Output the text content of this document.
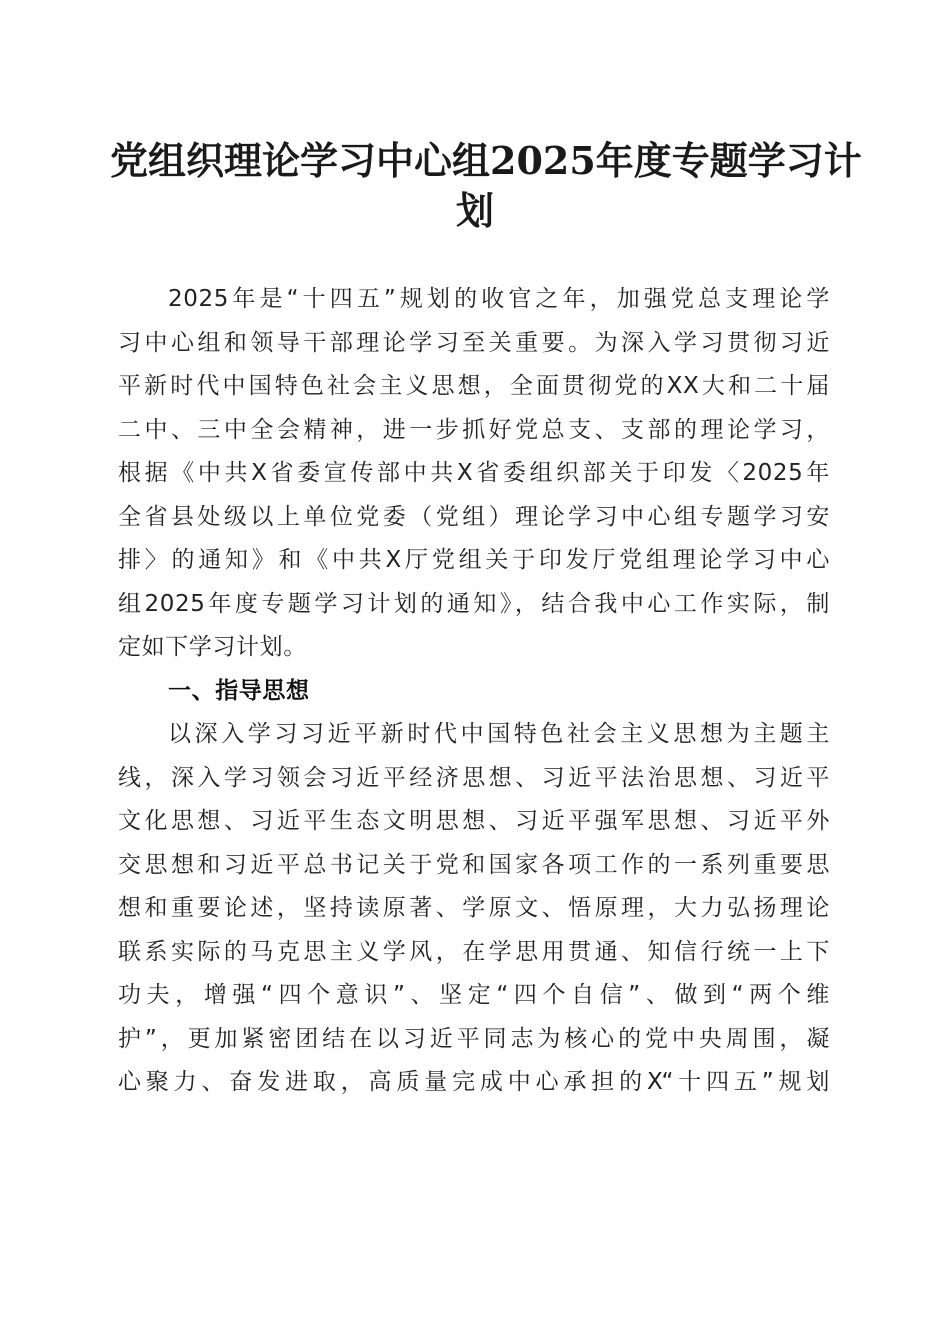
党组织理论学习中心组2025年度专题学习计
划
2025年是“十四五”规划的收官之年，加强党总支理论学
习中心组和领导干部理论学习至关重要。为深入学习贯彻习近
平新时代中国特色社会主义思想，全面贯彻党的XX大和二十届
二中、三中全会精神，进一步抓好党总支、支部的理论学习，
根据《中共X省委宣传部中共X省委组织部关于印发〈2025年
全省县处级以上单位党委（党组）理论学习中心组专题学习安
排〉的通知》和《中共X厅党组关于印发厅党组理论学习中心
组2025年度专题学习计划的通知》，结合我中心工作实际，制
定如下学习计划。
一、指导思想
以深入学习习近平新时代中国特色社会主义思想为主题主
线，深入学习领会习近平经济思想、习近平法治思想、习近平
文化思想、习近平生态文明思想、习近平强军思想、习近平外
交思想和习近平总书记关于党和国家各项工作的一系列重要思
想和重要论述，坚持读原著、学原文、悟原理，大力弘扬理论
联系实际的马克思主义学风，在学思用贯通、知信行统一上下
功夫，增强“四个意识”、坚定“四个自信”、做到“两个维
护”，更加紧密团结在以习近平同志为核心的党中央周围，凝
心聚力、奋发进取，高质量完成中心承担的X“十四五”规划
